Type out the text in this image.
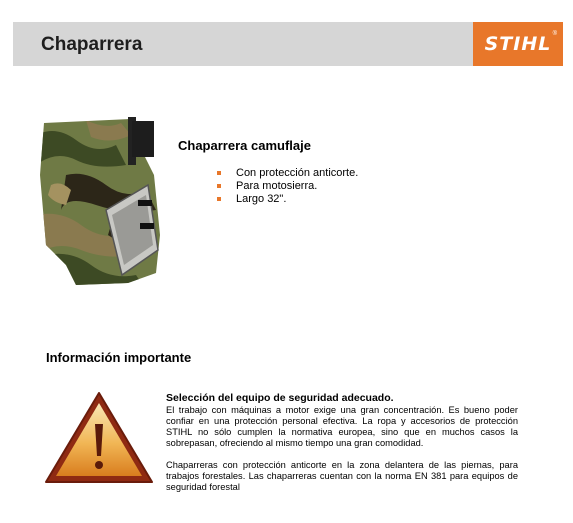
Chaparrera	STIHL ®
Chaparrera camuflaje
Con protección anticorte.
Para motosierra.
Largo 32".
Información importante
Selección del equipo de seguridad adecuado.

El trabajo con máquinas a motor exige una gran concentración. Es bueno poder confiar en una protección personal efectiva. La ropa y accesorios de protección STIHL no sólo cumplen la normativa europea, sino que en muchos casos la sobrepasan, ofreciendo al mismo tiempo una gran comodidad.

Chaparreras con protección anticorte en la zona delantera de las piernas, para trabajos forestales. Las chaparreras cuentan con la norma EN 381 para equipos de seguridad forestal
